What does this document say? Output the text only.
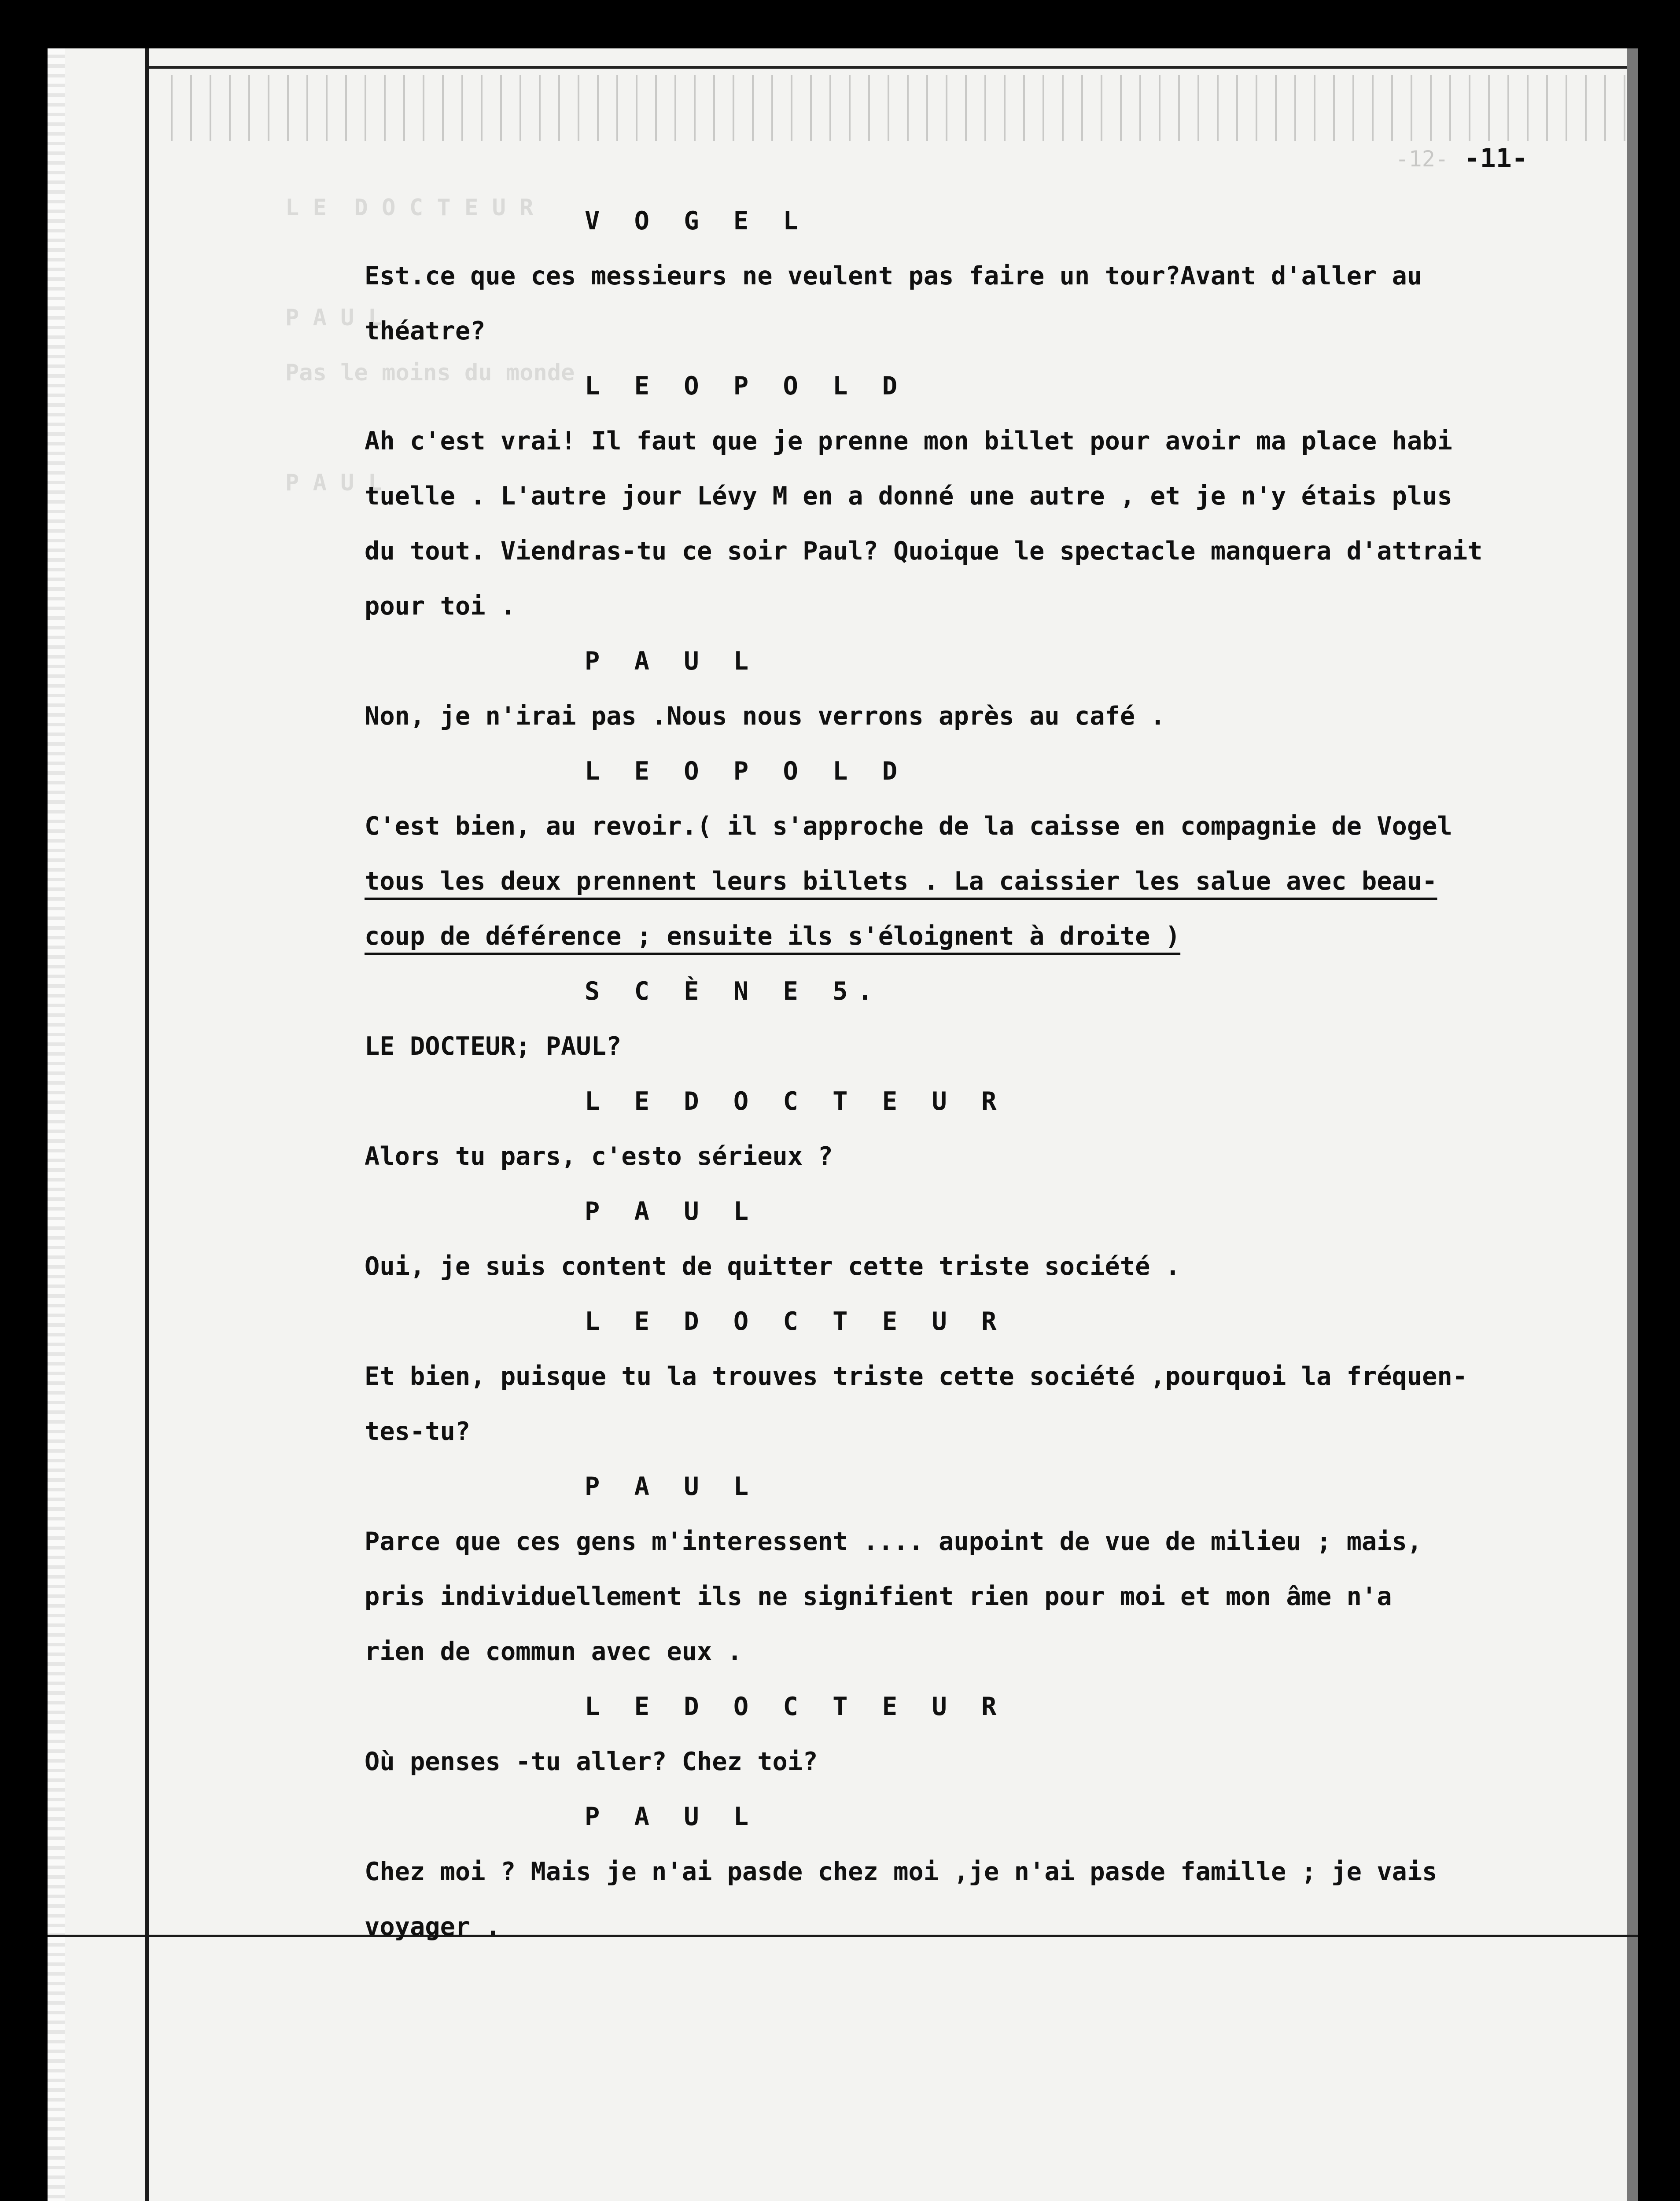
L E  D O C T E U R

P A U L
Pas le moins du monde

P A U L
-12- -11-
V O G E L
Est.ce que ces messieurs ne veulent pas faire un tour?Avant d'aller au
théatre?
L E O P O L D
Ah c'est vrai! Il faut que je prenne mon billet pour avoir ma place habi
tuelle . L'autre jour Lévy M en a donné une autre , et je n'y étais plus
du tout. Viendras-tu ce soir Paul? Quoique le spectacle manquera d'attrait
pour toi .
P A U L
Non, je n'irai pas .Nous nous verrons après au café .
L E O P O L D
C'est bien, au revoir.( il s'approche de la caisse en compagnie de Vogel
tous les deux prennent leurs billets . La caissier les salue avec beau-
coup de déférence ; ensuite ils s'éloignent à droite )
S C È N E 5.
LE DOCTEUR; PAUL?
L E D O C T E U R
Alors tu pars, c'esto sérieux ?
P A U L
Oui, je suis content de quitter cette triste société .
L E D O C T E U R
Et bien, puisque tu la trouves triste cette société ,pourquoi la fréquen-
tes-tu?
P A U L
Parce que ces gens m'interessent .... aupoint de vue de milieu ; mais,
pris individuellement ils ne signifient rien pour moi et mon âme n'a
rien de commun avec eux .
L E D O C T E U R
Où penses -tu aller? Chez toi?
P A U L
Chez moi ? Mais je n'ai pasde chez moi ,je n'ai pasde famille ; je vais
voyager .
